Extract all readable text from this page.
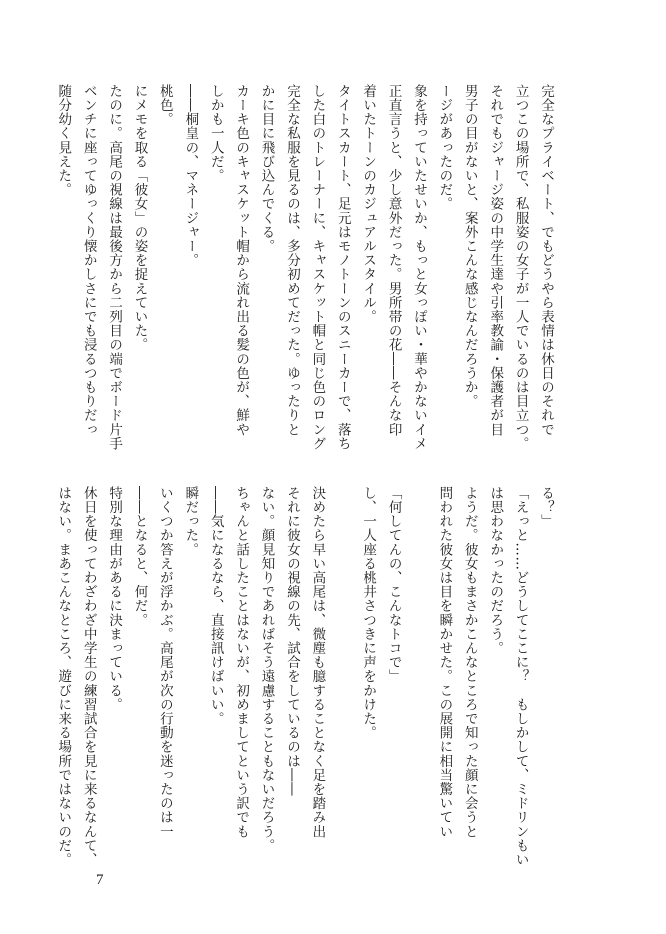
完全なプライベート、でもどうやら表情は休日のそれで
立つこの場所で、私服姿の女子が一人でいるのは目立つ。
それでもジャージ姿の中学生達や引率教諭・保護者が目
男子の目がないと、案外こんな感じなんだろうか。
ージがあったのだ。
象を持っていたせいか、もっと女っぽい・華やかないイメ
正直言うと、少し意外だった。男所帯の花――そんな印
着いたトーンのカジュアルスタイル。
タイトスカート、足元はモノトーンのスニーカーで、落ち
した白のトレーナーに、キャスケット帽と同じ色のロング
完全な私服を見るのは、多分初めてだった。ゆったりと
かに目に飛び込んでくる。
カーキ色のキャスケット帽から流れ出る髪の色が、鮮や
しかも一人だ。
――桐皇の、マネージャー。
桃色。
にメモを取る「彼女」の姿を捉えていた。
たのに。高尾の視線は最後方から二列目の端でボード片手
ベンチに座ってゆっくり懐かしさにでも浸るつもりだっ
随分幼く見えた。
る？」
「えっと……どうしてここに？　もしかして、ミドリンもい
は思わなかったのだろう。
ようだ。彼女もまさかこんなところで知った顔に会うと
問われた彼女は目を瞬かせた。この展開に相当驚いてい
「何してんの、こんなトコで」
し、一人座る桃井さつきに声をかけた。
決めたら早い高尾は、微塵も臆することなく足を踏み出
それに彼女の視線の先、試合をしているのは――
ない。顔見知りであればそう遠慮することもないだろう。
ちゃんと話したことはないが、初めましてという訳でも
――気になるなら、直接訊けばいい。
瞬だった。
いくつか答えが浮かぶ。高尾が次の行動を迷ったのは一
――となると、何だ。
特別な理由があるに決まっている。
休日を使ってわざわざ中学生の練習試合を見に来るなんて、
はない。まあこんなところ、遊びに来る場所ではないのだ。
7
